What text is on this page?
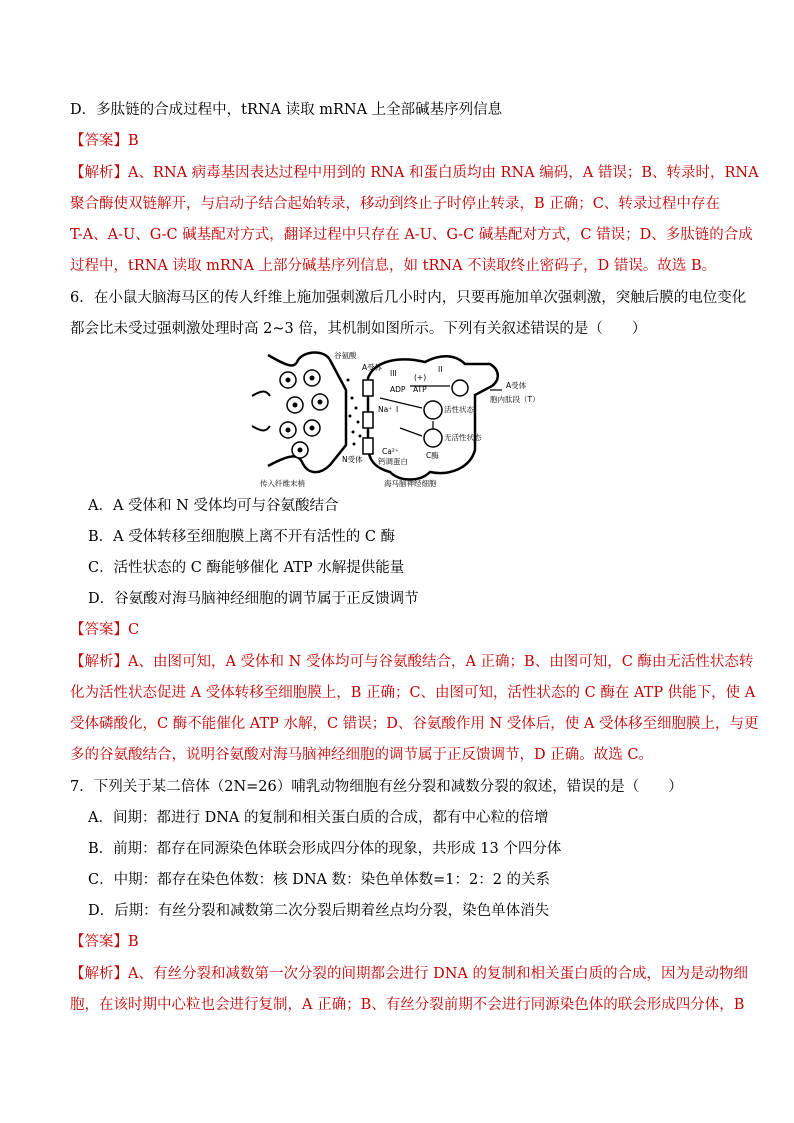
D．多肽链的合成过程中，tRNA 读取 mRNA 上全部碱基序列信息
【答案】B
【解析】A、RNA 病毒基因表达过程中用到的 RNA 和蛋白质均由 RNA 编码，A 错误；B、转录时，RNA
聚合酶使双链解开，与启动子结合起始转录，移动到终止子时停止转录，B 正确；C、转录过程中存在
T-A、A-U、G-C 碱基配对方式，翻译过程中只存在 A-U、G-C 碱基配对方式，C 错误；D、多肽链的合成
过程中，tRNA 读取 mRNA 上部分碱基序列信息，如 tRNA 不读取终止密码子，D 错误。故选 B。
6．在小鼠大脑海马区的传人纤维上施加强刺激后几小时内，只要再施加单次强刺激，突触后膜的电位变化
都会比未受过强刺激处理时高 2~3 倍，其机制如图所示。下列有关叙述错误的是（　　）
谷氨酸
A受体
ADP ATP
II
III (+)
A受体
胞内肽段（T）
Na⁺ I	活性状态
无活性状态
Ca²⁺
钙调蛋白
C酶
N受体
传入纤维末梢	海马脑神经细胞
A．A 受体和 N 受体均可与谷氨酸结合
B．A 受体转移至细胞膜上离不开有活性的 C 酶
C．活性状态的 C 酶能够催化 ATP 水解提供能量
D．谷氨酸对海马脑神经细胞的调节属于正反馈调节
【答案】C
【解析】A、由图可知，A 受体和 N 受体均可与谷氨酸结合，A 正确；B、由图可知，C 酶由无活性状态转
化为活性状态促进 A 受体转移至细胞膜上，B 正确；C、由图可知，活性状态的 C 酶在 ATP 供能下，使 A
受体磷酸化，C 酶不能催化 ATP 水解，C 错误；D、谷氨酸作用 N 受体后，使 A 受体移至细胞膜上，与更
多的谷氨酸结合，说明谷氨酸对海马脑神经细胞的调节属于正反馈调节，D 正确。故选 C。
7．下列关于某二倍体（2N=26）哺乳动物细胞有丝分裂和减数分裂的叙述，错误的是（　　）
A．间期：都进行 DNA 的复制和相关蛋白质的合成，都有中心粒的倍增
B．前期：都存在同源染色体联会形成四分体的现象，共形成 13 个四分体
C．中期：都存在染色体数：核 DNA 数：染色单体数=1：2：2 的关系
D．后期：有丝分裂和减数第二次分裂后期着丝点均分裂，染色单体消失
【答案】B
【解析】A、有丝分裂和减数第一次分裂的间期都会进行 DNA 的复制和相关蛋白质的合成，因为是动物细
胞，在该时期中心粒也会进行复制，A 正确；B、有丝分裂前期不会进行同源染色体的联会形成四分体，B
